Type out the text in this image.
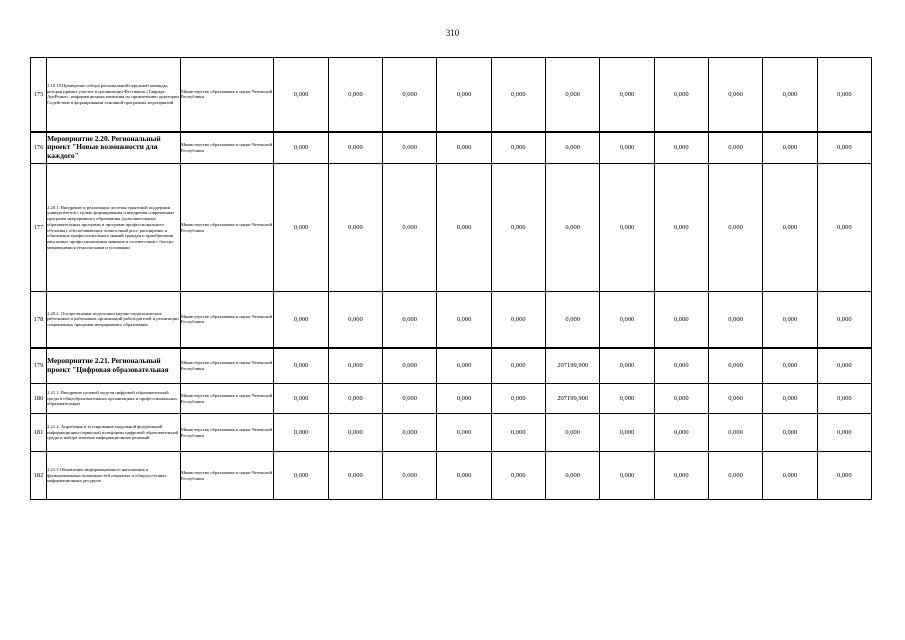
310
175	2.19.19.Проведение отбора региональной/окружной команды, которая примет участие в организации Фестиваля «Таврида-АртРемиз», информационная кампания по привлечению аудитории Содействие в формировании основной программы мероприятий	Министерство образования и науки Чеченской Республики	0,000	0,000	0,000	0,000	0,000	0,000	0,000	0,000	0,000	0,000	0,000
176	Мероприятие 2.20. Региональный проект "Новые возможности для каждого"	Министерство образования и науки Чеченской Республики	0,000	0,000	0,000	0,000	0,000	0,000	0,000	0,000	0,000	0,000	0,000
177	2.20.1. Внедрение и реализация системы грантовой поддержки университетов с целью формирования и внедрения современных программ непрерывного образования (дополнительных образовательных программ и программ профессионального обучения), обеспечивающих личностный рост, расширение и обновление профессиональных знаний граждан и приобретения ими новых профессиональных навыков в соответствии с быстро меняющимися технологиями и условиями	Министерство образования и науки Чеченской Республики	0,000	0,000	0,000	0,000	0,000	0,000	0,000	0,000	0,000	0,000	0,000
178	2.20.2. Осуществление подготовки научно-педагогических работников и работников организаций работодателей и реализации современных программ непрерывного образования	Министерство образования и науки Чеченской Республики	0,000	0,000	0,000	0,000	0,000	0,000	0,000	0,000	0,000	0,000	0,000
179	Мероприятие 2.21. Региональный проект "Цифровая образовательная	Министерство образования и науки Чеченской Республики	0,000	0,000	0,000	0,000	0,000	207199,900	0,000	0,000	0,000	0,000	0,000
180	2.21.1. Внедрение целевой модели цифровой образовательной среды в общеобразовательных организациях и профессиональных образовательных	Министерство образования и науки Чеченской Республики	0,000	0,000	0,000	0,000	0,000	207199,900	0,000	0,000	0,000	0,000	0,000
181	2.21.2. Апробация и тестирование модульной федеральной информационно-сервисной платформы цифровой образовательной среды и набора типовых информационных решений	Министерство образования и науки Чеченской Республики	0,000	0,000	0,000	0,000	0,000	0,000	0,000	0,000	0,000	0,000	0,000
182	2.21.3.Обновление информационного наполнения и функциональных возможностей открытых и общедоступных информационных ресурсов	Министерство образования и науки Чеченской Республики	0,000	0,000	0,000	0,000	0,000	0,000	0,000	0,000	0,000	0,000	0,000
